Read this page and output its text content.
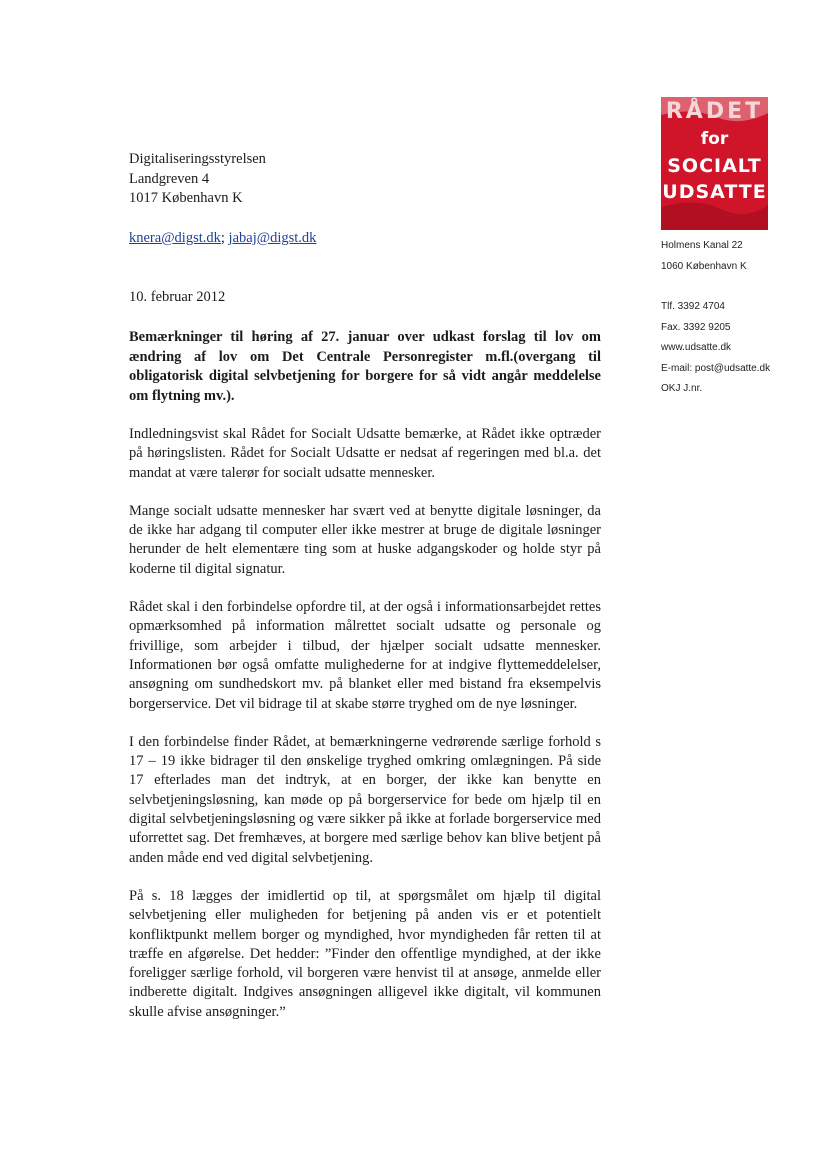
RÅDET
for
SOCIALT
UDSATTE
Holmens Kanal 22
1060 København K
Tlf. 3392 4704
Fax. 3392 9205
www.udsatte.dk
E-mail: post@udsatte.dk
OKJ J.nr.
Digitaliseringsstyrelsen
Landgreven 4
1017 København K
knera@digst.dk; jabaj@digst.dk
10. februar 2012
Bemærkninger til høring af 27. januar over udkast forslag til lov om ændring af lov om Det Centrale Personregister m.fl.(overgang til obligatorisk digital selvbetjening for borgere for så vidt angår meddelelse om flytning mv.).

Indledningsvist skal Rådet for Socialt Udsatte bemærke, at Rådet ikke optræder på høringslisten. Rådet for Socialt Udsatte er nedsat af regeringen med bl.a. det mandat at være talerør for socialt udsatte mennesker.

Mange socialt udsatte mennesker har svært ved at benytte digitale løsninger, da de ikke har adgang til computer eller ikke mestrer at bruge de digitale løsninger herunder de helt elementære ting som at huske adgangskoder og holde styr på koderne til digital signatur.

Rådet skal i den forbindelse opfordre til, at der også i informationsarbejdet rettes opmærksomhed på information målrettet socialt udsatte og personale og frivillige, som arbejder i tilbud, der hjælper socialt udsatte mennesker. Informationen bør også omfatte mulighederne for at indgive flyttemeddelelser, ansøgning om sundhedskort mv. på blanket eller med bistand fra eksempelvis borgerservice. Det vil bidrage til at skabe større tryghed om de nye løsninger.

I den forbindelse finder Rådet, at bemærkningerne vedrørende særlige forhold s 17 – 19 ikke bidrager til den ønskelige tryghed omkring omlægningen. På side 17 efterlades man det indtryk, at en borger, der ikke kan benytte en selvbetjeningsløsning, kan møde op på borgerservice for bede om hjælp til en digital selvbetjeningsløsning og være sikker på ikke at forlade borgerservice med uforrettet sag. Det fremhæves, at borgere med særlige behov kan blive betjent på anden måde end ved digital selvbetjening.

På s. 18 lægges der imidlertid op til, at spørgsmålet om hjælp til digital selvbetjening eller muligheden for betjening på anden vis er et potentielt konfliktpunkt mellem borger og myndighed, hvor myndigheden får retten til at træffe en afgørelse. Det hedder: ”Finder den offentlige myndighed, at der ikke foreligger særlige forhold, vil borgeren være henvist til at ansøge, anmelde eller indberette digitalt. Indgives ansøgningen alligevel ikke digitalt, vil kommunen skulle afvise ansøgninger.”
